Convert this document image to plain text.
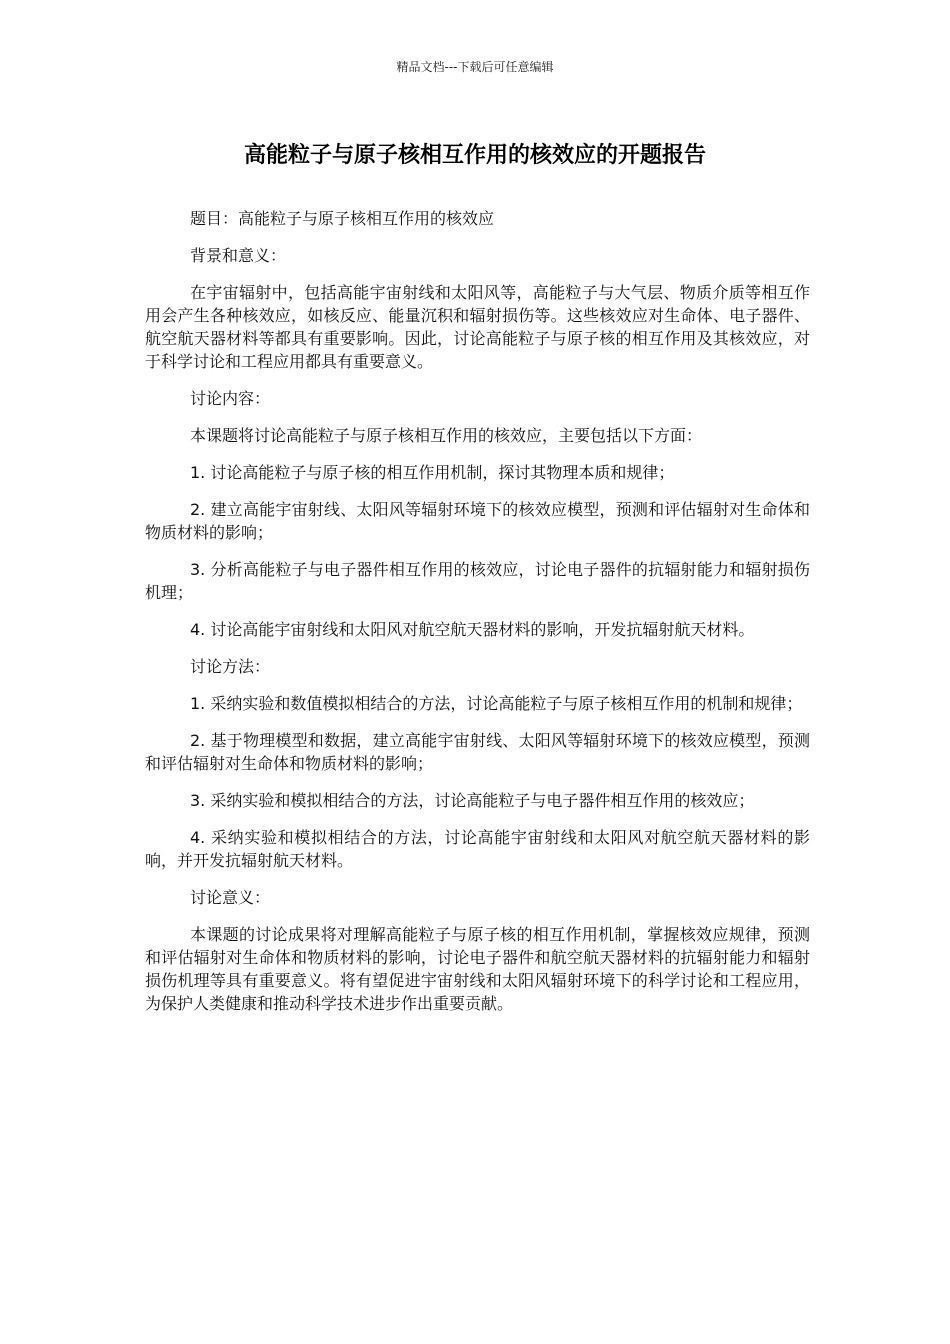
精品文档---下载后可任意编辑
高能粒子与原子核相互作用的核效应的开题报告

题目：高能粒子与原子核相互作用的核效应

背景和意义：

在宇宙辐射中，包括高能宇宙射线和太阳风等，高能粒子与大气层、物质介质等相互作用会产生各种核效应，如核反应、能量沉积和辐射损伤等。这些核效应对生命体、电子器件、航空航天器材料等都具有重要影响。因此，讨论高能粒子与原子核的相互作用及其核效应，对于科学讨论和工程应用都具有重要意义。

讨论内容：

本课题将讨论高能粒子与原子核相互作用的核效应，主要包括以下方面：

1. 讨论高能粒子与原子核的相互作用机制，探讨其物理本质和规律；

2. 建立高能宇宙射线、太阳风等辐射环境下的核效应模型，预测和评估辐射对生命体和物质材料的影响；

3. 分析高能粒子与电子器件相互作用的核效应，讨论电子器件的抗辐射能力和辐射损伤机理；

4. 讨论高能宇宙射线和太阳风对航空航天器材料的影响，开发抗辐射航天材料。

讨论方法：

1. 采纳实验和数值模拟相结合的方法，讨论高能粒子与原子核相互作用的机制和规律；

2. 基于物理模型和数据，建立高能宇宙射线、太阳风等辐射环境下的核效应模型，预测和评估辐射对生命体和物质材料的影响；

3. 采纳实验和模拟相结合的方法，讨论高能粒子与电子器件相互作用的核效应；

4. 采纳实验和模拟相结合的方法，讨论高能宇宙射线和太阳风对航空航天器材料的影响，并开发抗辐射航天材料。

讨论意义：

本课题的讨论成果将对理解高能粒子与原子核的相互作用机制，掌握核效应规律，预测和评估辐射对生命体和物质材料的影响，讨论电子器件和航空航天器材料的抗辐射能力和辐射损伤机理等具有重要意义。将有望促进宇宙射线和太阳风辐射环境下的科学讨论和工程应用，为保护人类健康和推动科学技术进步作出重要贡献。
